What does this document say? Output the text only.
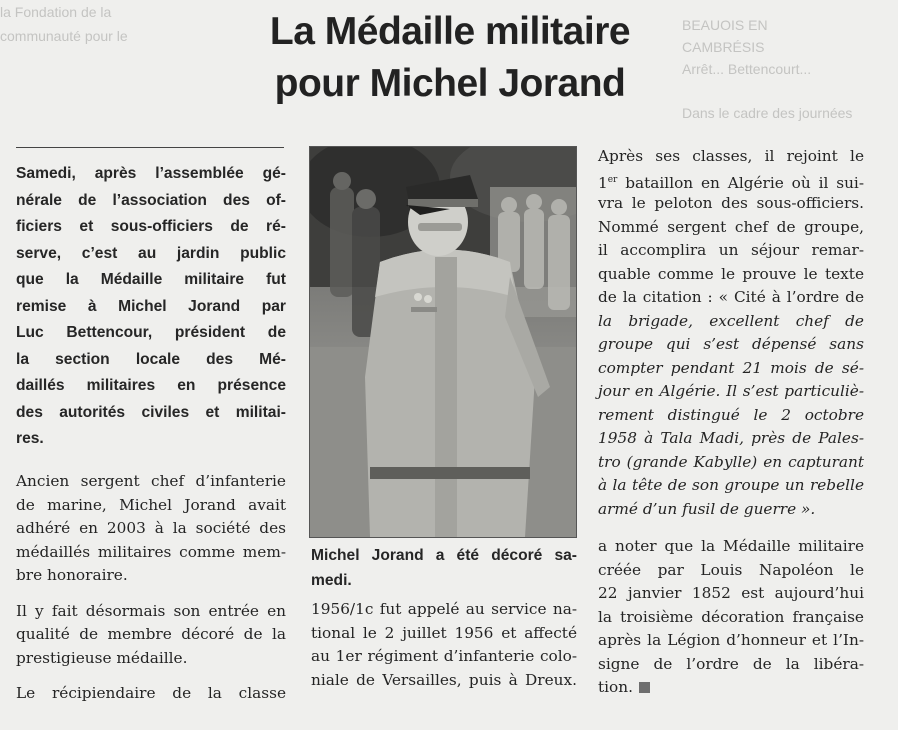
la Fondation de la
communauté pour le
BEAUOIS EN
CAMBRÉSIS
Arrêt... Bettencourt...
Dans le cadre des journées
La Médaille militaire
pour Michel Jorand
Samedi, après l’assemblée gé-
nérale de l’association des of-
ficiers et sous-officiers de ré-
serve, c’est au jardin public
que la Médaille militaire fut
remise à Michel Jorand par
Luc Bettencour, président de
la section locale des Mé-
daillés militaires en présence
des autorités civiles et militai-
res.
Ancien sergent chef d’infanterie
de marine, Michel Jorand avait
adhéré en 2003 à la société des
médaillés militaires comme mem-
bre honoraire.
Il y fait désormais son entrée en
qualité de membre décoré de la
prestigieuse médaille.
Le récipiendaire de la classe
Michel Jorand a été décoré sa-
medi.
1956/1c fut appelé au service na-
tional le 2 juillet 1956 et affecté
au 1er régiment d’infanterie colo-
niale de Versailles, puis à Dreux.
Après ses classes, il rejoint le
1er bataillon en Algérie où il sui-
vra le peloton des sous-officiers.
Nommé sergent chef de groupe,
il accomplira un séjour remar-
quable comme le prouve le texte
de la citation : « Cité à l’ordre de
la brigade, excellent chef de
groupe qui s’est dépensé sans
compter pendant 21 mois de sé-
jour en Algérie. Il s’est particuliè-
rement distingué le 2 octobre
1958 à Tala Madi, près de Pales-
tro (grande Kabylle) en capturant
à la tête de son groupe un rebelle
armé d’un fusil de guerre ».
a noter que la Médaille militaire
créée par Louis Napoléon le
22 janvier 1852 est aujourd’hui
la troisième décoration française
après la Légion d’honneur et l’In-
signe de l’ordre de la libéra-
tion.
